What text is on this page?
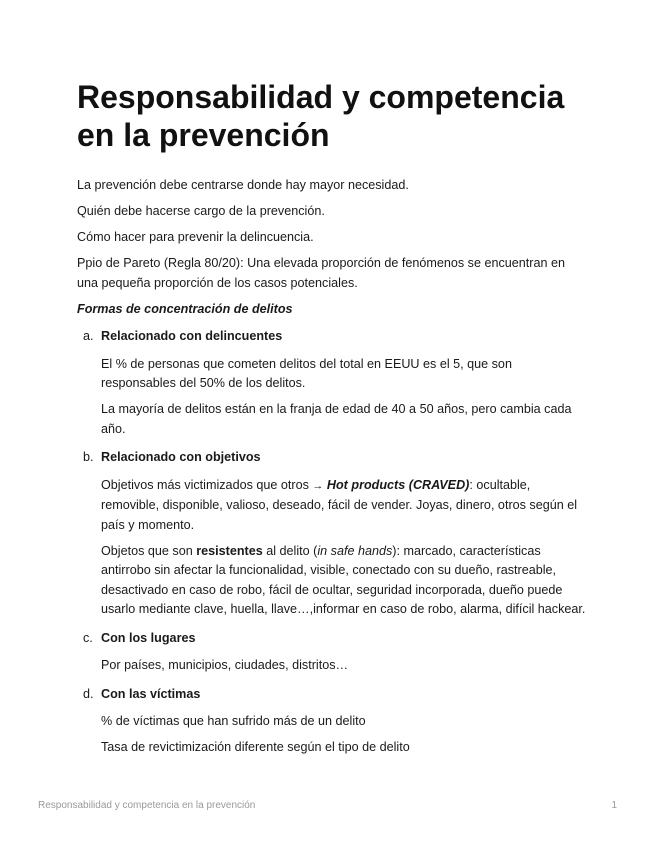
Responsabilidad y competencia en la prevención

La prevención debe centrarse donde hay mayor necesidad.

Quién debe hacerse cargo de la prevención.

Cómo hacer para prevenir la delincuencia.

Ppio de Pareto (Regla 80/20): Una elevada proporción de fenómenos se encuentran en una pequeña proporción de los casos potenciales.

Formas de concentración de delitos
a. Relacionado con delincuentes
El % de personas que cometen delitos del total en EEUU es el 5, que son responsables del 50% de los delitos.
La mayoría de delitos están en la franja de edad de 40 a 50 años, pero cambia cada año.
b. Relacionado con objetivos
Objetivos más victimizados que otros → Hot products (CRAVED): ocultable, removible, disponible, valioso, deseado, fácil de vender. Joyas, dinero, otros según el país y momento.
Objetos que son resistentes al delito (in safe hands): marcado, características antirrobo sin afectar la funcionalidad, visible, conectado con su dueño, rastreable, desactivado en caso de robo, fácil de ocultar, seguridad incorporada, dueño puede usarlo mediante clave, huella, llave…,informar en caso de robo, alarma, difícil hackear.
c. Con los lugares
Por países, municipios, ciudades, distritos…
d. Con las víctimas
% de víctimas que han sufrido más de un delito
Tasa de revictimización diferente según el tipo de delito
Responsabilidad y competencia en la prevención	1
